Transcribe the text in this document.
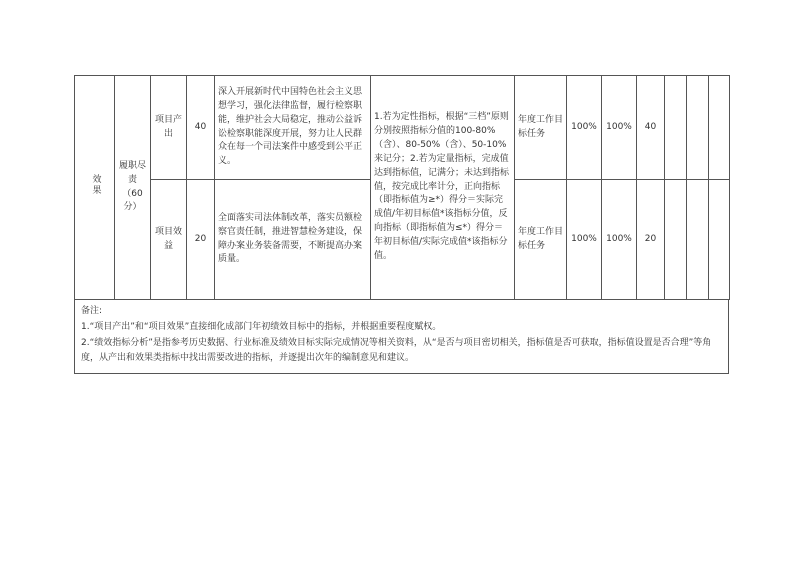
效果	履职尽责（60分）	项目产出	40	深入开展新时代中国特色社会主义思想学习，强化法律监督，履行检察职能，维护社会大局稳定，推动公益诉讼检察职能深度开展，努力让人民群众在每一个司法案件中感受到公平正义。	1.若为定性指标，根据“三档”原则分别按照指标分值的100-80%（含）、80-50%（含）、50-10%来记分；2.若为定量指标，完成值达到指标值，记满分；未达到指标值，按完成比率计分，正向指标（即指标值为≥*）得分＝实际完成值/年初目标值*该指标分值，反向指标（即指标值为≤*）得分＝年初目标值/实际完成值*该指标分值。	年度工作目标任务	100%	100%	40			
		项目效益	20	全面落实司法体制改革，落实员额检察官责任制，推进智慧检务建设，保障办案业务装备需要，不断提高办案质量。		年度工作目标任务	100%	100%	20			
备注:
1.“项目产出”和“项目效果”直接细化成部门年初绩效目标中的指标，并根据重要程度赋权。
2.“绩效指标分析”是指参考历史数据、行业标准及绩效目标实际完成情况等相关资料，从“是否与项目密切相关，指标值是否可获取，指标值设置是否合理”等角度，从产出和效果类指标中找出需要改进的指标，并逐提出次年的编制意见和建议。
